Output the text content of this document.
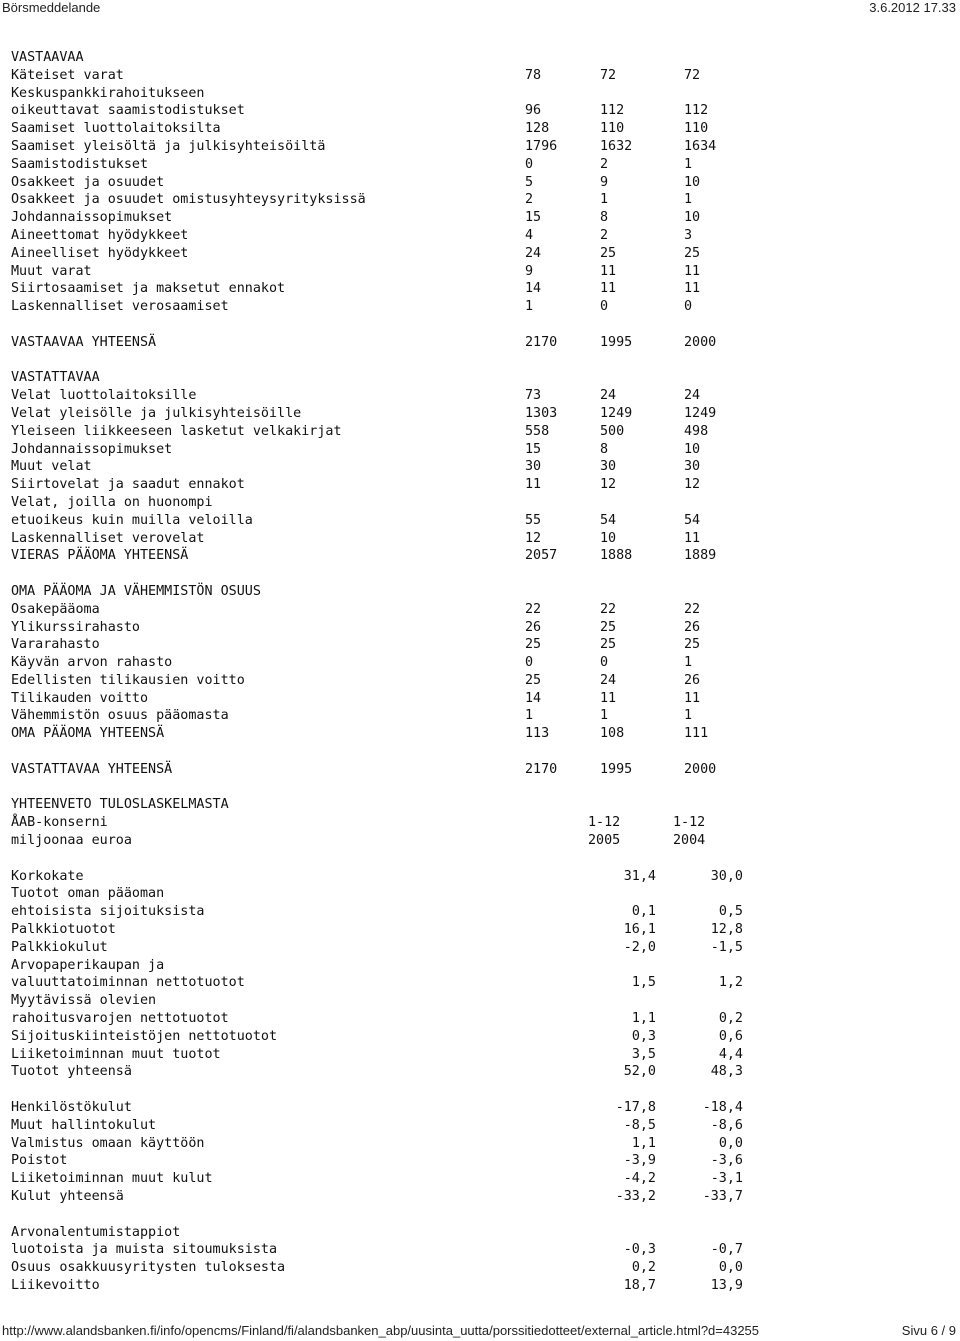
Börsmeddelande	3.6.2012 17.33
VASTAAVAA
Käteiset varat	78	72	72
Keskuspankkirahoitukseen
oikeuttavat saamistodistukset	96	112	112
Saamiset luottolaitoksilta	128	110	110
Saamiset yleisöltä ja julkisyhteisöiltä	1796	1632	1634
Saamistodistukset	0	2	1
Osakkeet ja osuudet	5	9	10
Osakkeet ja osuudet omistusyhteysyrityksissä	2	1	1
Johdannaissopimukset	15	8	10
Aineettomat hyödykkeet	4	2	3
Aineelliset hyödykkeet	24	25	25
Muut varat	9	11	11
Siirtosaamiset ja maksetut ennakot	14	11	11
Laskennalliset verosaamiset	1	0	0
VASTAAVAA YHTEENSÄ	2170	1995	2000
VASTATTAVAA
Velat luottolaitoksille	73	24	24
Velat yleisölle ja julkisyhteisöille	1303	1249	1249
Yleiseen liikkeeseen lasketut velkakirjat	558	500	498
Johdannaissopimukset	15	8	10
Muut velat	30	30	30
Siirtovelat ja saadut ennakot	11	12	12
Velat, joilla on huonompi
etuoikeus kuin muilla veloilla	55	54	54
Laskennalliset verovelat	12	10	11
VIERAS PÄÄOMA YHTEENSÄ	2057	1888	1889
OMA PÄÄOMA JA VÄHEMMISTÖN OSUUS
Osakepääoma	22	22	22
Ylikurssirahasto	26	25	26
Vararahasto	25	25	25
Käyvän arvon rahasto	0	0	1
Edellisten tilikausien voitto	25	24	26
Tilikauden voitto	14	11	11
Vähemmistön osuus pääomasta	1	1	1
OMA PÄÄOMA YHTEENSÄ	113	108	111
VASTATTAVAA YHTEENSÄ	2170	1995	2000
YHTEENVETO TULOSLASKELMASTA
ÅAB-konserni	1-12	1-12
miljoonaa euroa	2005	2004
Korkokate	31,4	30,0
Tuotot oman pääoman
ehtoisista sijoituksista	0,1	0,5
Palkkiotuotot	16,1	12,8
Palkkiokulut	-2,0	-1,5
Arvopaperikaupan ja
valuuttatoiminnan nettotuotot	1,5	1,2
Myytävissä olevien
rahoitusvarojen nettotuotot	1,1	0,2
Sijoituskiinteistöjen nettotuotot	0,3	0,6
Liiketoiminnan muut tuotot	3,5	4,4
Tuotot yhteensä	52,0	48,3
Henkilöstökulut	-17,8	-18,4
Muut hallintokulut	-8,5	-8,6
Valmistus omaan käyttöön	1,1	0,0
Poistot	-3,9	-3,6
Liiketoiminnan muut kulut	-4,2	-3,1
Kulut yhteensä	-33,2	-33,7
Arvonalentumistappiot
luotoista ja muista sitoumuksista	-0,3	-0,7
Osuus osakkuusyritysten tuloksesta	0,2	0,0
Liikevoitto	18,7	13,9
http://www.alandsbanken.fi/info/opencms/Finland/fi/alandsbanken_abp/uusinta_uutta/porssitiedotteet/external_article.html?d=43255	Sivu 6 / 9
